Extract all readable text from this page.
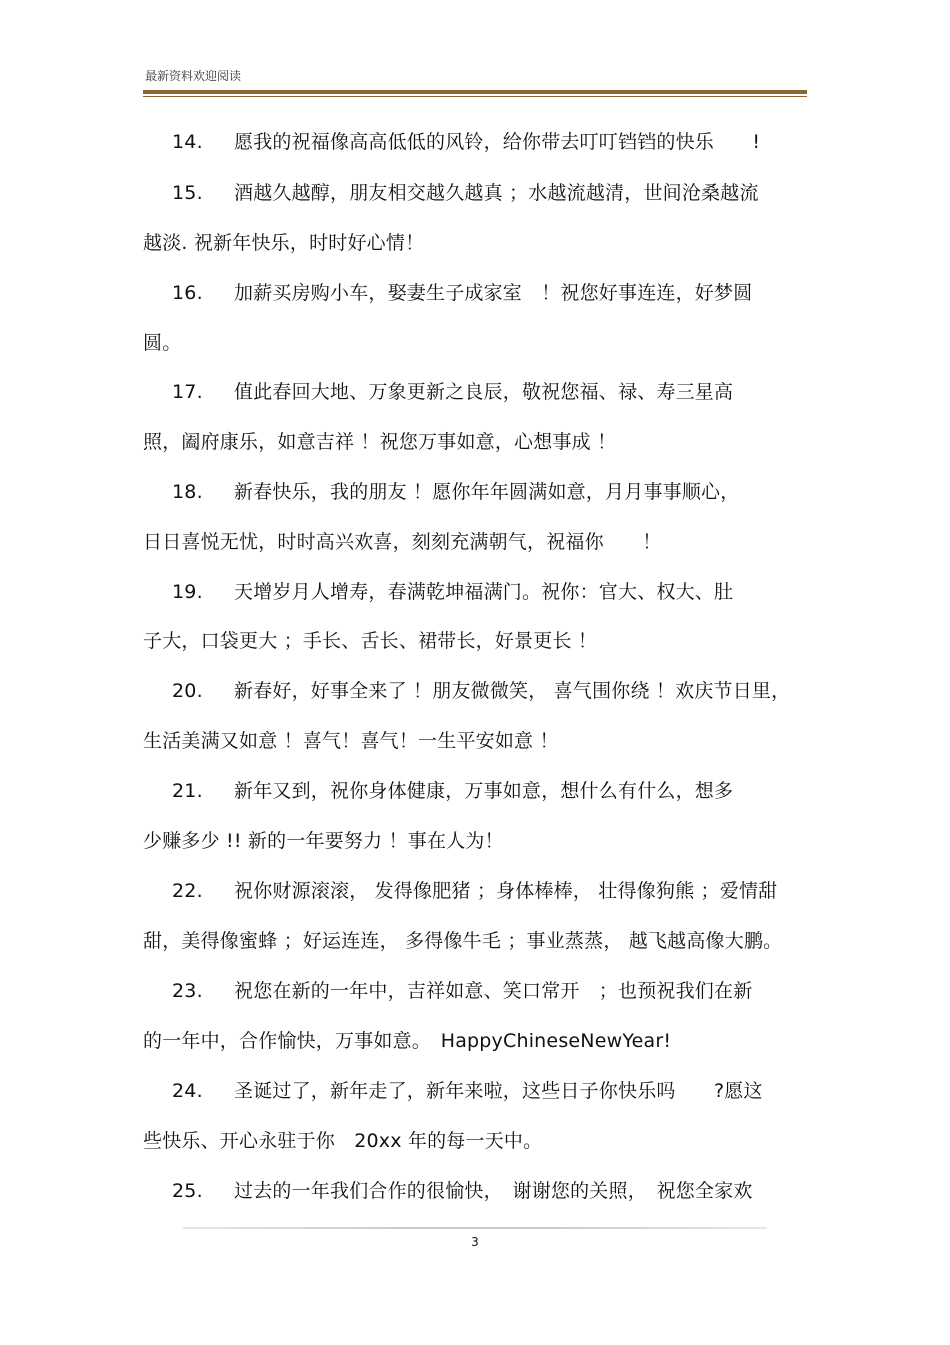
最新资料欢迎阅读
14. 愿我的祝福像高高低低的风铃，给你带去叮叮铛铛的快乐　　!
15. 酒越久越醇，朋友相交越久越真 ；水越流越清，世间沧桑越流
越淡. 祝新年快乐，时时好心情！
16. 加薪买房购小车，娶妻生子成家室　！祝您好事连连，好梦圆
圆。
17. 值此春回大地、万象更新之良辰，敬祝您福、禄、寿三星高
照，阖府康乐，如意吉祥 ！祝您万事如意，心想事成 ！
18. 新春快乐，我的朋友 ！愿你年年圆满如意，月月事事顺心，
日日喜悦无忧，时时高兴欢喜，刻刻充满朝气，祝福你　　！
19. 天增岁月人增寿，春满乾坤福满门。祝你：官大、权大、肚
子大，口袋更大 ；手长、舌长、裙带长，好景更长 ！
20. 新春好，好事全来了 ！朋友微微笑， 喜气围你绕 ！欢庆节日里，
生活美满又如意 ！喜气！喜气！一生平安如意 ！
21. 新年又到，祝你身体健康，万事如意，想什么有什么，想多
少赚多少 !! 新的一年要努力 ！事在人为！
22. 祝你财源滚滚， 发得像肥猪 ；身体棒棒， 壮得像狗熊 ；爱情甜
甜，美得像蜜蜂 ；好运连连， 多得像牛毛 ；事业蒸蒸， 越飞越高像大鹏。
23. 祝您在新的一年中，吉祥如意、笑口常开　；也预祝我们在新
的一年中，合作愉快，万事如意。　HappyChineseNewYear!
24. 圣诞过了，新年走了，新年来啦，这些日子你快乐吗　　?愿这
些快乐、开心永驻于你　20xx 年的每一天中。
25. 过去的一年我们合作的很愉快，　谢谢您的关照，　祝您全家欢
3
